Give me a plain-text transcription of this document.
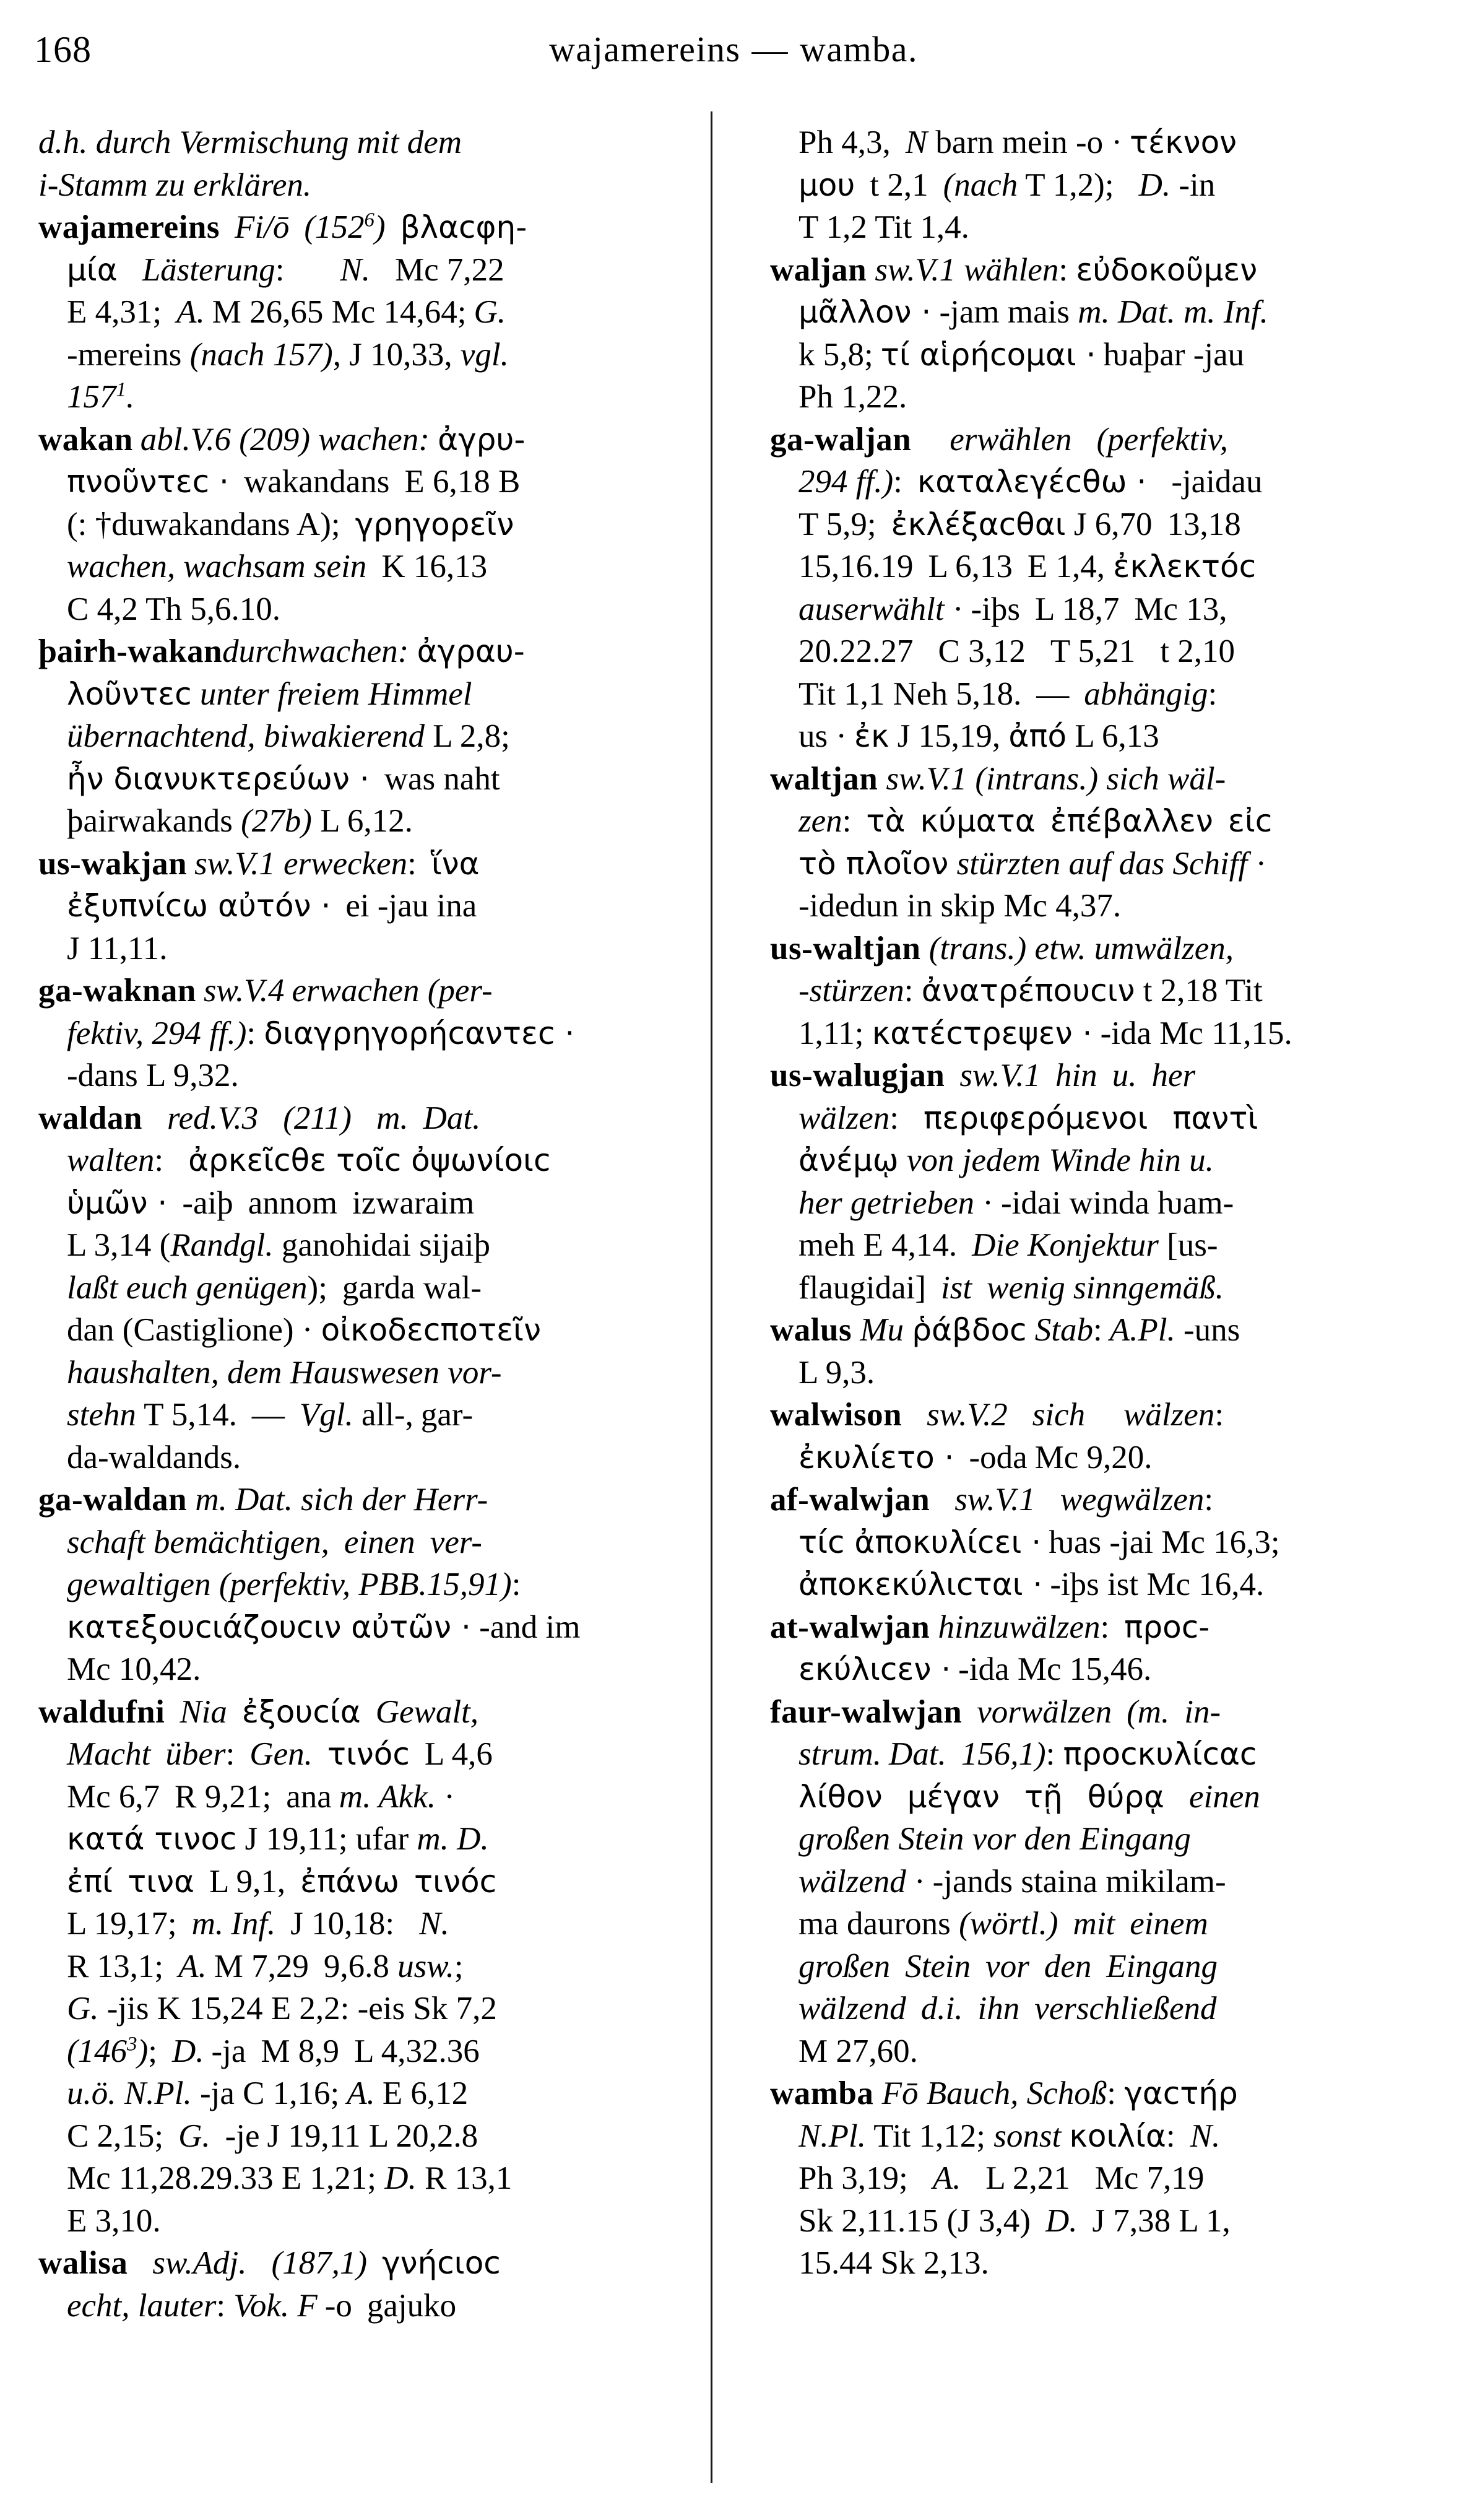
168	wajamereins — wamba.
d.h. durch Vermischung mit dem
i-Stamm zu erklären.
wajamereins Fi/ō $(152^6)$ βλαcφη-
μία Lästerung: N. Mc 7,22
E 4,31; A. M 26,65 Mc 14,64; G.
-mereins (nach 157), J 10,33, vgl.
$157^1$.
wakan abl.V.6 (209) wachen: ἀγρυ-
πνοῦντεc · wakandans E 6,18 B
(: †duwakandans A); γρηγορεῖν
wachen, wachsam sein K 16,13
C 4,2 Th 5,6.10.
þairh-wakandurchwachen: ἀγραυ-
λοῦντεc unter freiem Himmel
übernachtend, biwakierend L 2,8;
ἦν διανυκτερεύων · was naht
þairwakands (27b) L 6,12.
us-wakjan sw.V.1 erwecken: ἵνα
ἐξυπνίcω αὐτόν · ei -jau ina
J 11,11.
ga-waknan sw.V.4 erwachen (per-
fektiv, 294 ff.): διαγρηγορήcαντεc ·
-dans L 9,32.
waldan red.V.3 (211) m. Dat.
walten: ἀρκεῖcθε τοῖc ὀψωνίοιc
ὑμῶν · -aiþ annom izwaraim
L 3,14 (Randgl. ganohidai sijaiþ
laßt euch genügen); garda wal-
dan (Castiglione) · οἰκοδεcποτεῖν
haushalten, dem Hauswesen vor-
stehn T 5,14. — Vgl. all-, gar-
da-waldands.
ga-waldan m. Dat. sich der Herr-
schaft bemächtigen, einen ver-
gewaltigen (perfektiv, PBB.15,91):
κατεξουcιάζουcιν αὐτῶν · -and im
Mc 10,42.
waldufni Nia ἐξουcία Gewalt,
Macht über: Gen. τινόc L 4,6
Mc 6,7 R 9,21; ana m. Akk. ·
κατά τινοc J 19,11; ufar m. D.
ἐπί τινα L 9,1, ἐπάνω τινόc
L 19,17; m. Inf. J 10,18: N.
R 13,1; A. M 7,29 9,6.8 usw.;
G. -jis K 15,24 E 2,2: -eis Sk 7,2
$(146^3)$; D. -ja M 8,9 L 4,32.36
u.ö. N.Pl. -ja C 1,16; A. E 6,12
C 2,15; G. -je J 19,11 L 20,2.8
Mc 11,28.29.33 E 1,21; D. R 13,1
E 3,10.
walisa sw.Adj. (187,1) γνήcιοc
echt, lauter: Vok. F -o gajuko
Ph 4,3, N barn mein -o · τέκνον
μου t 2,1 (nach T 1,2); D. -in
T 1,2 Tit 1,4.
waljan sw.V.1 wählen: εὐδοκοῦμεν
μᾶλλον · -jam mais m. Dat. m. Inf.
k 5,8; τί αἱρήcομαι · ƕaþar -jau
Ph 1,22.
ga-waljan erwählen (perfektiv,
294 ff.): καταλεγέcθω · -jaidau
T 5,9; ἐκλέξαcθαι J 6,70 13,18
15,16.19 L 6,13 E 1,4, ἐκλεκτόc
auserwählt · -iþs L 18,7 Mc 13,
20.22.27 C 3,12 T 5,21 t 2,10
Tit 1,1 Neh 5,18. — abhängig:
us · ἐκ J 15,19, ἀπό L 6,13
waltjan sw.V.1 (intrans.) sich wäl-
zen: τὰ κύματα ἐπέβαλλεν εἰc
τὸ πλοῖον stürzten auf das Schiff ·
-idedun in skip Mc 4,37.
us-waltjan (trans.) etw. umwälzen,
-stürzen: ἀνατρέπουcιν t 2,18 Tit
1,11; κατέcτρεψεν · -ida Mc 11,15.
us-walugjan sw.V.1 hin u. her
wälzen: περιφερόμενοι παντὶ
ἀνέμῳ von jedem Winde hin u.
her getrieben · -idai winda ƕam-
meh E 4,14. Die Konjektur [us-
flaugidai] ist wenig sinngemäß.
walus Mu ῥάβδοc Stab: A.Pl. -uns
L 9,3.
walwison sw.V.2 sich wälzen:
ἐκυλίετο · -oda Mc 9,20.
af-walwjan sw.V.1 wegwälzen:
τίc ἀποκυλίcει · ƕas -jai Mc 16,3;
ἀποκεκύλιcται · -iþs ist Mc 16,4.
at-walwjan hinzuwälzen: προc-
εκύλιcεν · -ida Mc 15,46.
faur-walwjan vorwälzen (m. in-
strum. Dat. 156,1): προcκυλίcαc
λίθον μέγαν τῇ θύρᾳ einen
großen Stein vor den Eingang
wälzend · -jands staina mikilam-
ma daurons (wörtl.) mit einem
großen Stein vor den Eingang
wälzend d.i. ihn verschließend
M 27,60.
wamba Fō Bauch, Schoß: γαcτήρ
N.Pl. Tit 1,12; sonst κοιλία: N.
Ph 3,19; A. L 2,21 Mc 7,19
Sk 2,11.15 (J 3,4) D. J 7,38 L 1,
15.44 Sk 2,13.
